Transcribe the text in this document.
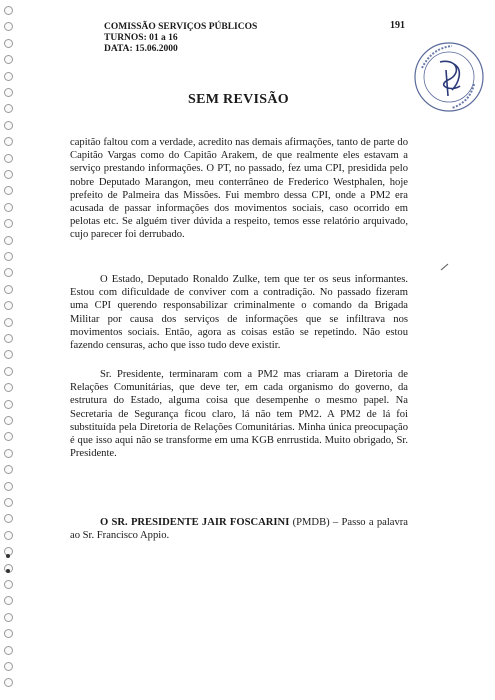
COMISSÃO SERVIÇOS PÚBLICOS
TURNOS: 01 a 16
DATA: 15.06.2000
191
SEM REVISÃO
capitão faltou com a verdade, acredito nas demais afirmações, tanto de parte do Capitão Vargas como do Capitão Arakem, de que realmente eles estavam a serviço prestando informações. O PT, no passado, fez uma CPI, presidida pelo nobre Deputado Marangon, meu conterrâneo de Frederico Westphalen, hoje prefeito de Palmeira das Missões. Fui membro dessa CPI, onde a PM2 era acusada de passar informações dos movimentos sociais, caso ocorrido em pelotas etc. Se alguém tiver dúvida a respeito, temos esse relatório arquivado, cujo parecer foi derrubado.
O Estado, Deputado Ronaldo Zulke, tem que ter os seus informantes. Estou com dificuldade de conviver com a contradição. No passado fizeram uma CPI querendo responsabilizar criminalmente o comando da Brigada Militar por causa dos serviços de informações que se infiltrava nos movimentos sociais. Então, agora as coisas estão se repetindo. Não estou fazendo censuras, acho que isso tudo deve existir.
Sr. Presidente, terminaram com a PM2 mas criaram a Diretoria de Relações Comunitárias, que deve ter, em cada organismo do governo, da estrutura do Estado, alguma coisa que desempenhe o mesmo papel. Na Secretaria de Segurança ficou claro, lá não tem PM2. A PM2 de lá foi substituída pela Diretoria de Relações Comunitárias. Minha única preocupação é que isso aqui não se transforme em uma KGB enrrustida. Muito obrigado, Sr. Presidente.
O SR. PRESIDENTE JAIR FOSCARINI (PMDB) – Passo a palavra ao Sr. Francisco Appio.
